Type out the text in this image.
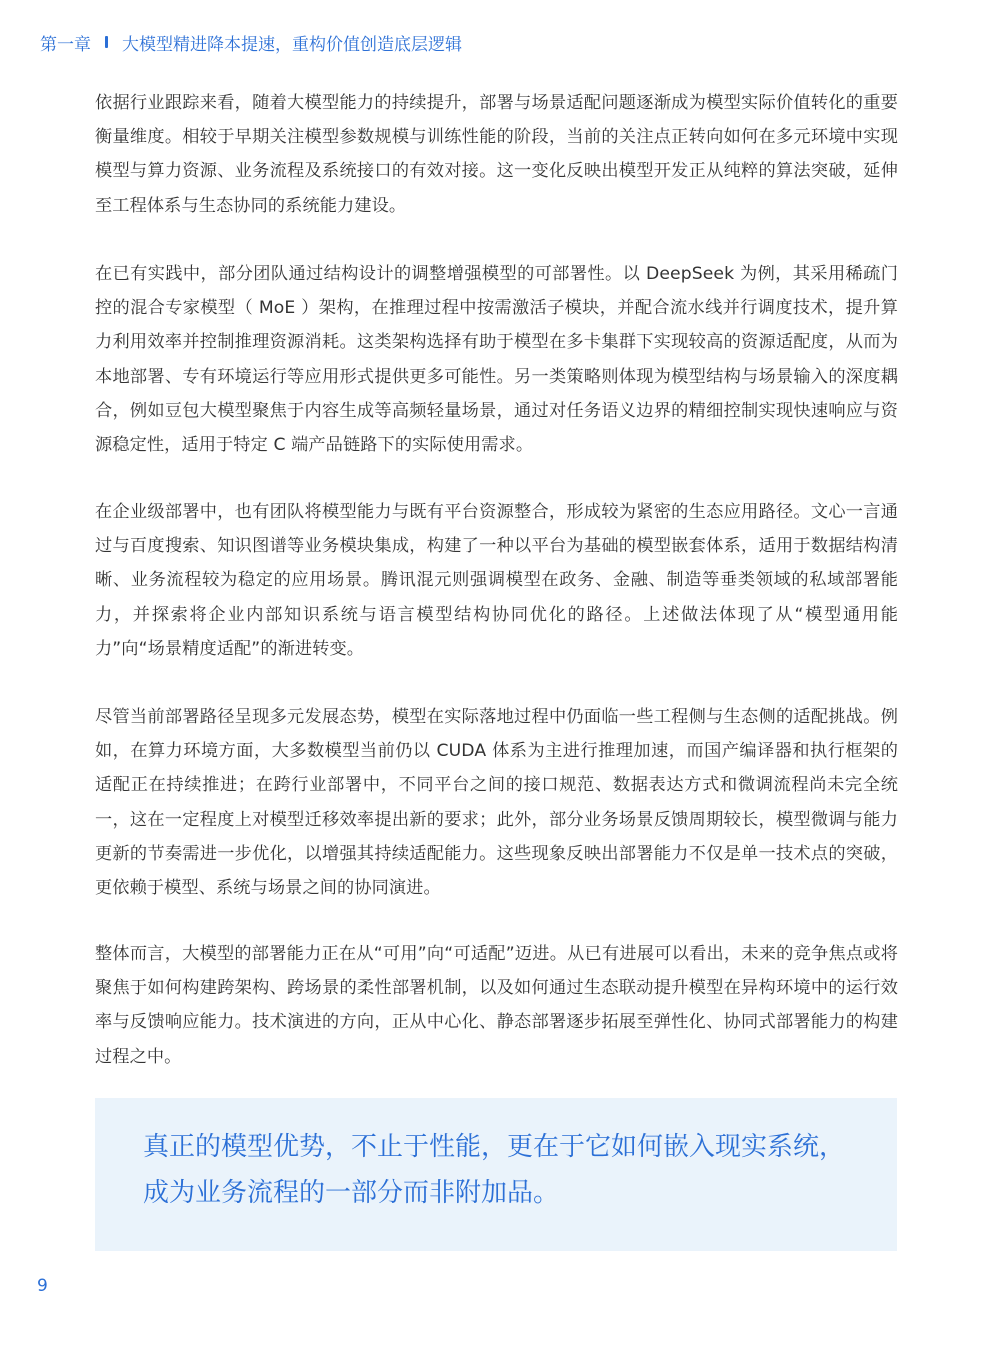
第一章 大模型精进降本提速，重构价值创造底层逻辑

依据行业跟踪来看，随着大模型能力的持续提升，部署与场景适配问题逐渐成为模型实际价值转化的重要衡量维度。相较于早期关注模型参数规模与训练性能的阶段，当前的关注点正转向如何在多元环境中实现模型与算力资源、业务流程及系统接口的有效对接。这一变化反映出模型开发正从纯粹的算法突破，延伸至工程体系与生态协同的系统能力建设。

在已有实践中，部分团队通过结构设计的调整增强模型的可部署性。以 DeepSeek 为例，其采用稀疏门控的混合专家模型（ MoE ）架构，在推理过程中按需激活子模块，并配合流水线并行调度技术，提升算力利用效率并控制推理资源消耗。这类架构选择有助于模型在多卡集群下实现较高的资源适配度，从而为本地部署、专有环境运行等应用形式提供更多可能性。另一类策略则体现为模型结构与场景输入的深度耦合，例如豆包大模型聚焦于内容生成等高频轻量场景，通过对任务语义边界的精细控制实现快速响应与资源稳定性，适用于特定 C 端产品链路下的实际使用需求。

在企业级部署中，也有团队将模型能力与既有平台资源整合，形成较为紧密的生态应用路径。文心一言通过与百度搜索、知识图谱等业务模块集成，构建了一种以平台为基础的模型嵌套体系，适用于数据结构清晰、业务流程较为稳定的应用场景。腾讯混元则强调模型在政务、金融、制造等垂类领域的私域部署能力，并探索将企业内部知识系统与语言模型结构协同优化的路径。上述做法体现了从“模型通用能力”向“场景精度适配”的渐进转变。

尽管当前部署路径呈现多元发展态势，模型在实际落地过程中仍面临一些工程侧与生态侧的适配挑战。例如，在算力环境方面，大多数模型当前仍以 CUDA 体系为主进行推理加速，而国产编译器和执行框架的适配正在持续推进；在跨行业部署中，不同平台之间的接口规范、数据表达方式和微调流程尚未完全统一，这在一定程度上对模型迁移效率提出新的要求；此外，部分业务场景反馈周期较长，模型微调与能力更新的节奏需进一步优化，以增强其持续适配能力。这些现象反映出部署能力不仅是单一技术点的突破，更依赖于模型、系统与场景之间的协同演进。

整体而言，大模型的部署能力正在从“可用”向“可适配”迈进。从已有进展可以看出，未来的竞争焦点或将聚焦于如何构建跨架构、跨场景的柔性部署机制，以及如何通过生态联动提升模型在异构环境中的运行效率与反馈响应能力。技术演进的方向，正从中心化、静态部署逐步拓展至弹性化、协同式部署能力的构建过程之中。

真正的模型优势，不止于性能，更在于它如何嵌入现实系统，成为业务流程的一部分而非附加品。

9
